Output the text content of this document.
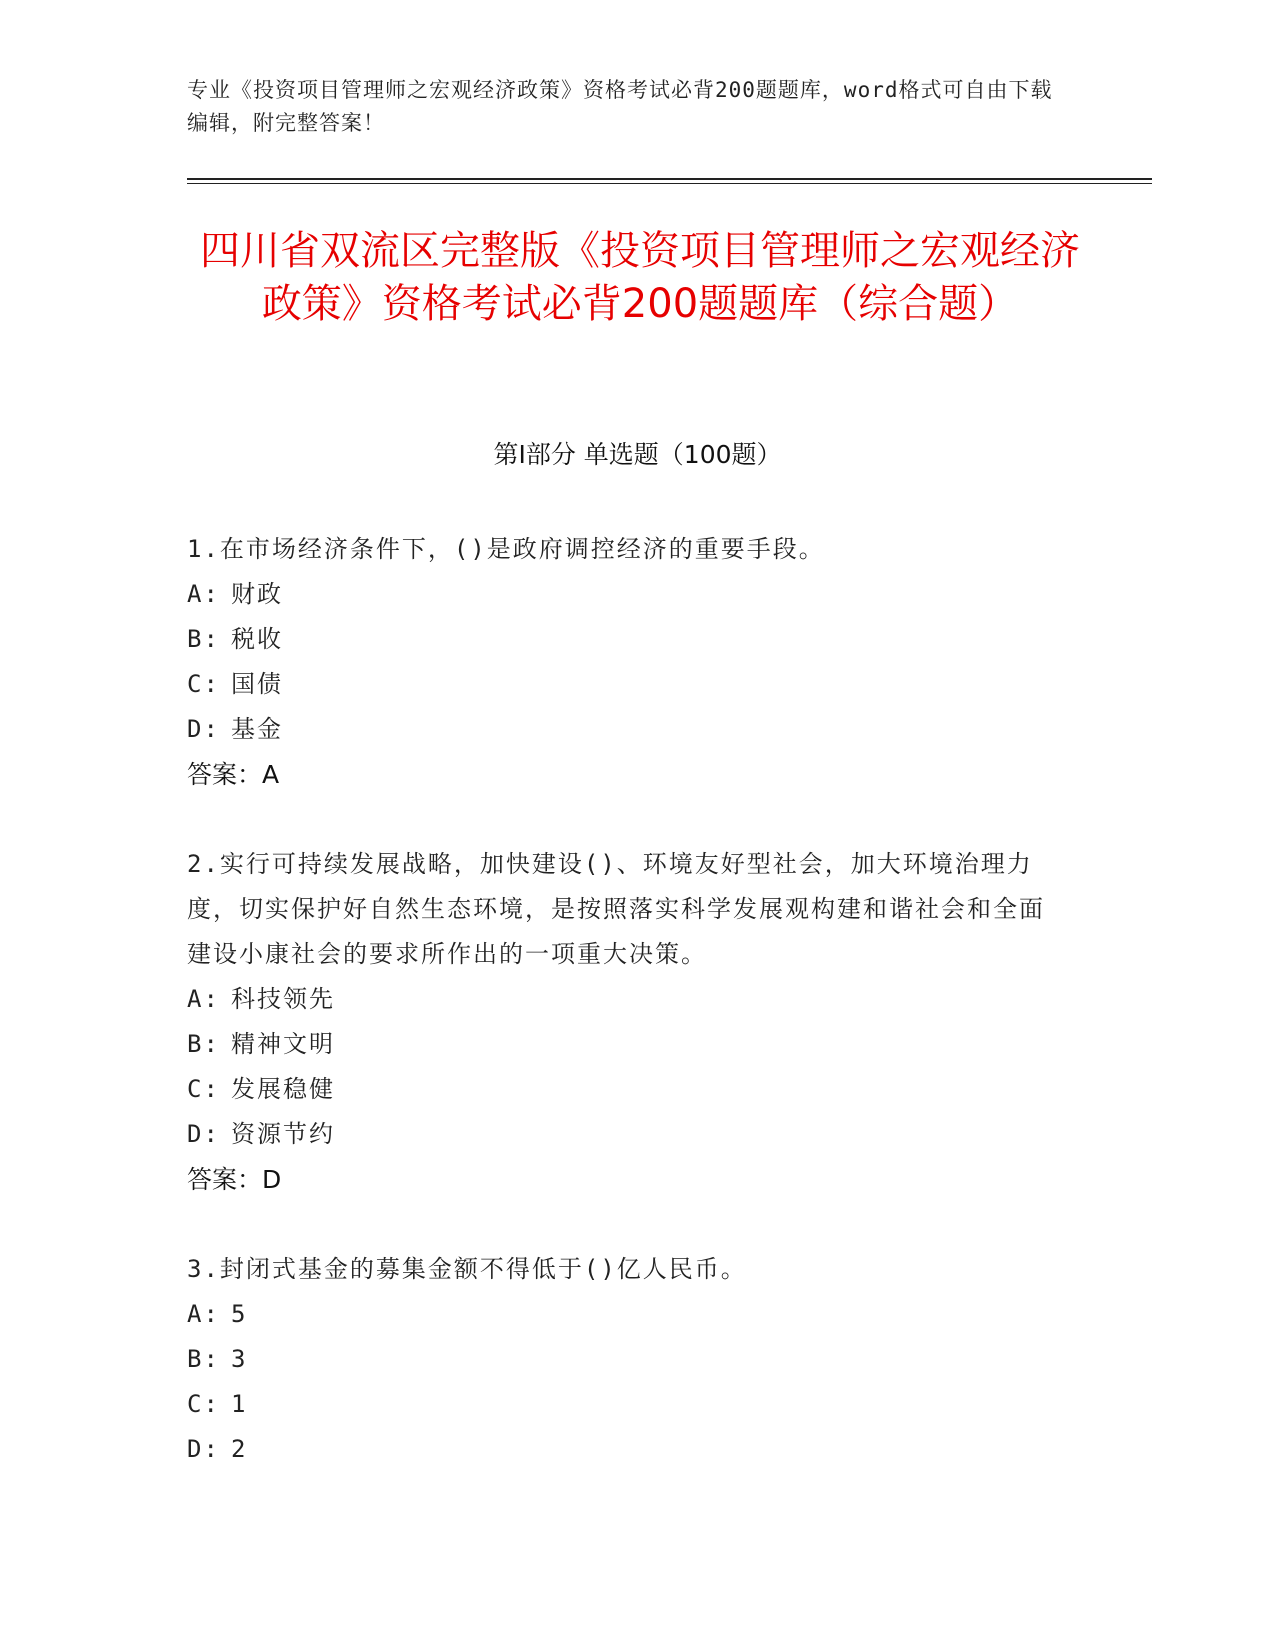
专业《投资项目管理师之宏观经济政策》资格考试必背200题题库，word格式可自由下载编辑，附完整答案！
四川省双流区完整版《投资项目管理师之宏观经济政策》资格考试必背200题题库（综合题）
第Ⅰ部分 单选题（100题）
1.在市场经济条件下，()是政府调控经济的重要手段。
A: 财政
B: 税收
C: 国债
D: 基金
答案：A
2.实行可持续发展战略，加快建设()、环境友好型社会，加大环境治理力度，切实保护好自然生态环境，是按照落实科学发展观构建和谐社会和全面建设小康社会的要求所作出的一项重大决策。
A: 科技领先
B: 精神文明
C: 发展稳健
D: 资源节约
答案：D
3.封闭式基金的募集金额不得低于()亿人民币。
A: 5
B: 3
C: 1
D: 2
